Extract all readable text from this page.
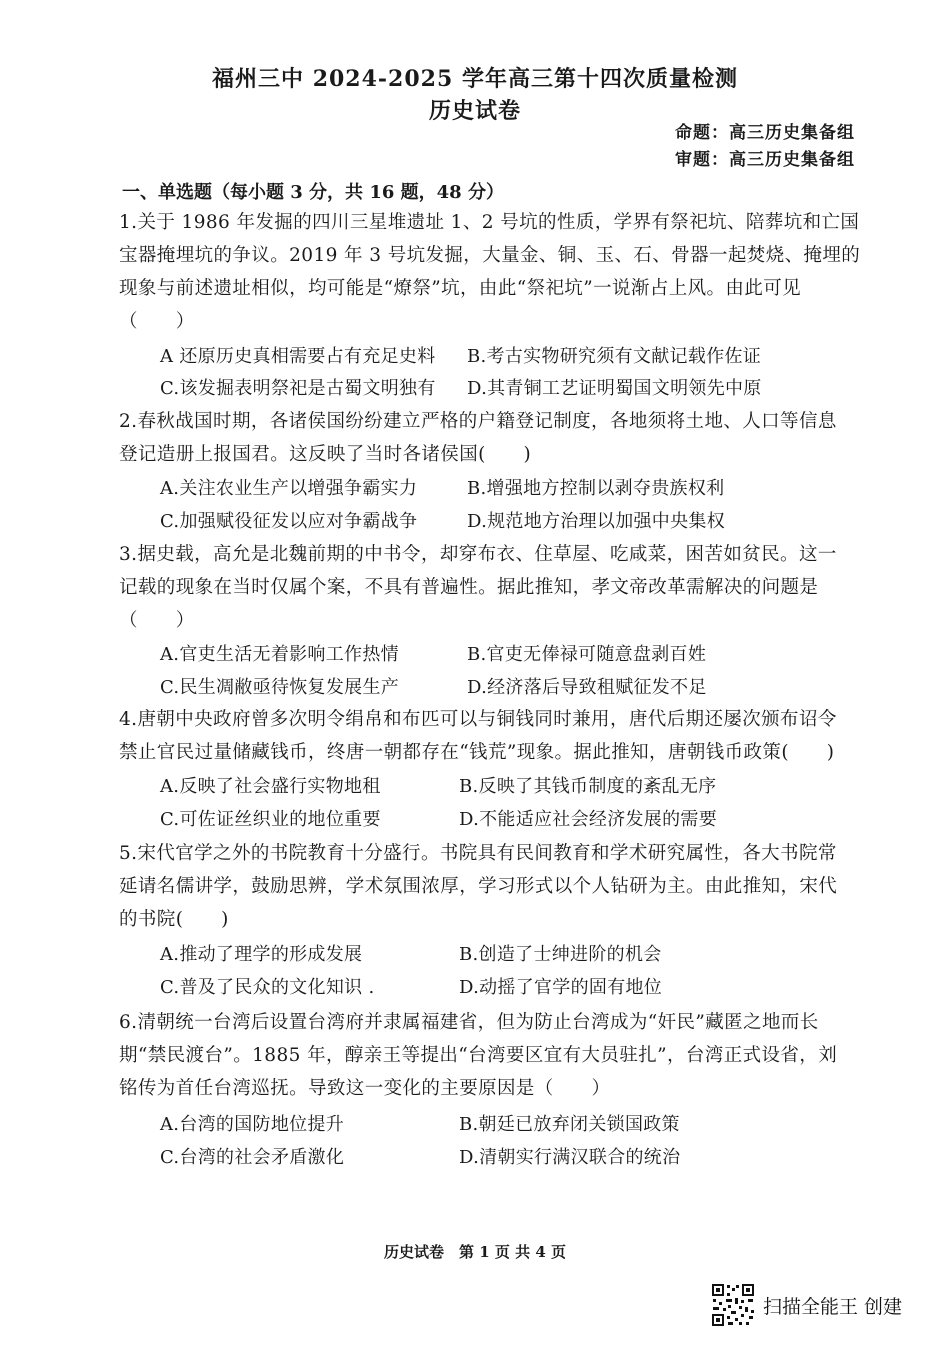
福州三中 2024-2025 学年高三第十四次质量检测
历史试卷
命题：高三历史集备组
审题：高三历史集备组
一、单选题（每小题 3 分，共 16 题，48 分）
1.关于 1986 年发掘的四川三星堆遗址 1、2 号坑的性质，学界有祭祀坑、陪葬坑和亡国
宝器掩埋坑的争议。2019 年 3 号坑发掘，大量金、铜、玉、石、骨器一起焚烧、掩埋的
现象与前述遗址相似，均可能是“燎祭”坑，由此“祭祀坑”一说渐占上风。由此可见
（　　）
A 还原历史真相需要占有充足史料 B.考古实物研究须有文献记载作佐证
C.该发掘表明祭祀是古蜀文明独有 D.其青铜工艺证明蜀国文明领先中原
2.春秋战国时期，各诸侯国纷纷建立严格的户籍登记制度，各地须将土地、人口等信息
登记造册上报国君。这反映了当时各诸侯国(　　)
A.关注农业生产以增强争霸实力	B.增强地方控制以剥夺贵族权利
C.加强赋役征发以应对争霸战争	D.规范地方治理以加强中央集权
3.据史载，高允是北魏前期的中书令，却穿布衣、住草屋、吃咸菜，困苦如贫民。这一
记载的现象在当时仅属个案，不具有普遍性。据此推知，孝文帝改革需解决的问题是
（　　）
A.官吏生活无着影响工作热情	B.官吏无俸禄可随意盘剥百姓
C.民生凋敝亟待恢复发展生产	D.经济落后导致租赋征发不足
4.唐朝中央政府曾多次明令绢帛和布匹可以与铜钱同时兼用，唐代后期还屡次颁布诏令
禁止官民过量储藏钱币，终唐一朝都存在“钱荒”现象。据此推知，唐朝钱币政策(　　)
A.反映了社会盛行实物地租	B.反映了其钱币制度的紊乱无序
C.可佐证丝织业的地位重要	D.不能适应社会经济发展的需要
5.宋代官学之外的书院教育十分盛行。书院具有民间教育和学术研究属性，各大书院常
延请名儒讲学，鼓励思辨，学术氛围浓厚，学习形式以个人钻研为主。由此推知，宋代
的书院(　　)
A.推动了理学的形成发展	B.创造了士绅进阶的机会
C.普及了民众的文化知识 .	D.动摇了官学的固有地位
6.清朝统一台湾后设置台湾府并隶属福建省，但为防止台湾成为“奸民”藏匿之地而长
期“禁民渡台”。1885 年，醇亲王等提出“台湾要区宜有大员驻扎”，台湾正式设省，刘
铭传为首任台湾巡抚。导致这一变化的主要原因是（　　）
A.台湾的国防地位提升	B.朝廷已放弃闭关锁国政策
C.台湾的社会矛盾激化	D.清朝实行满汉联合的统治
历史试卷　第 1 页 共 4 页
扫描全能王 创建
